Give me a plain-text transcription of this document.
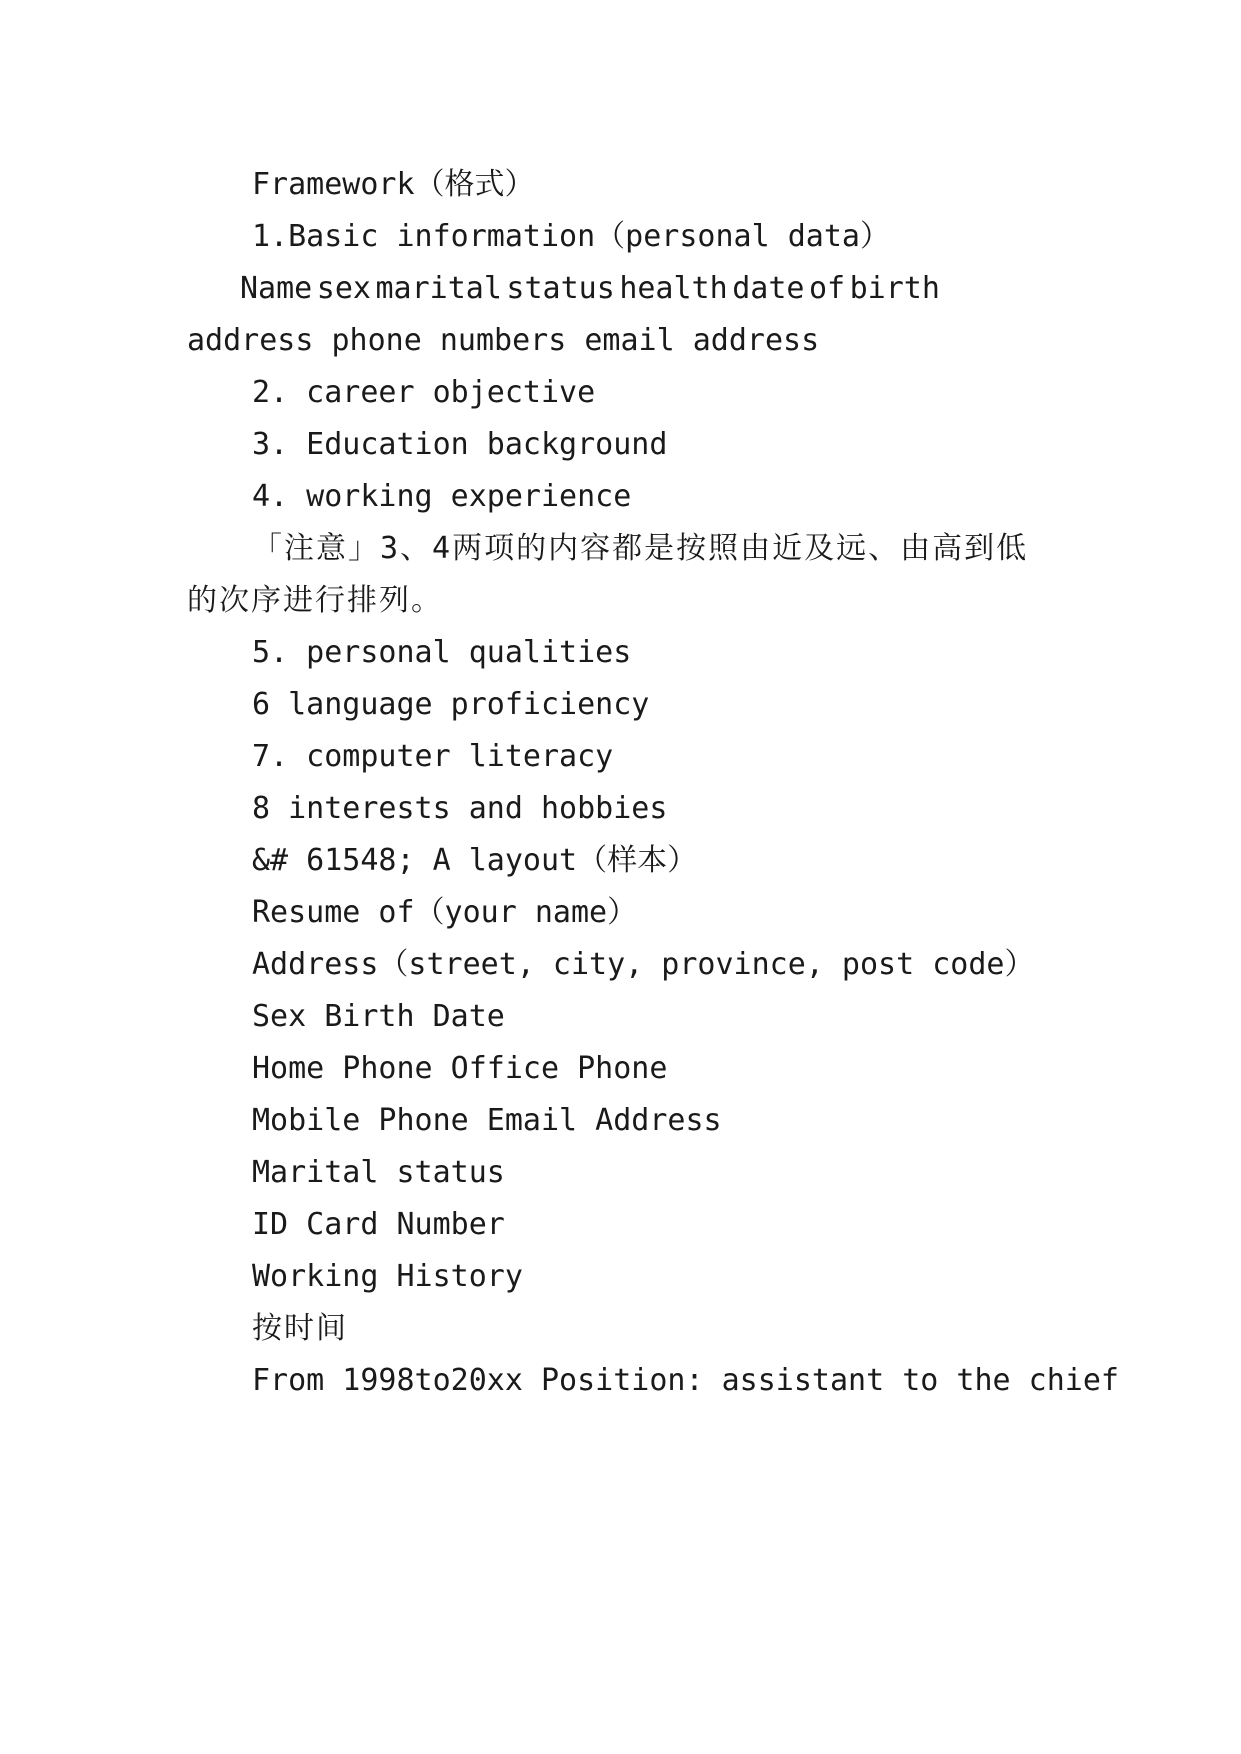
Framework（格式）
1.Basic information（personal data）
Name sex marital status health date of birth
address phone numbers email address
2. career objective
3. Education background
4. working experience
「注意」3、4两项的内容都是按照由近及远、由高到低
的次序进行排列。
5. personal qualities
6 language proficiency
7. computer literacy
8 interests and hobbies
&# 61548; A layout（样本）
Resume of（your name）
Address（street, city, province, post code）
Sex Birth Date
Home Phone Office Phone
Mobile Phone Email Address
Marital status
ID Card Number
Working History
按时间
From 1998to20xx Position: assistant to the chief
